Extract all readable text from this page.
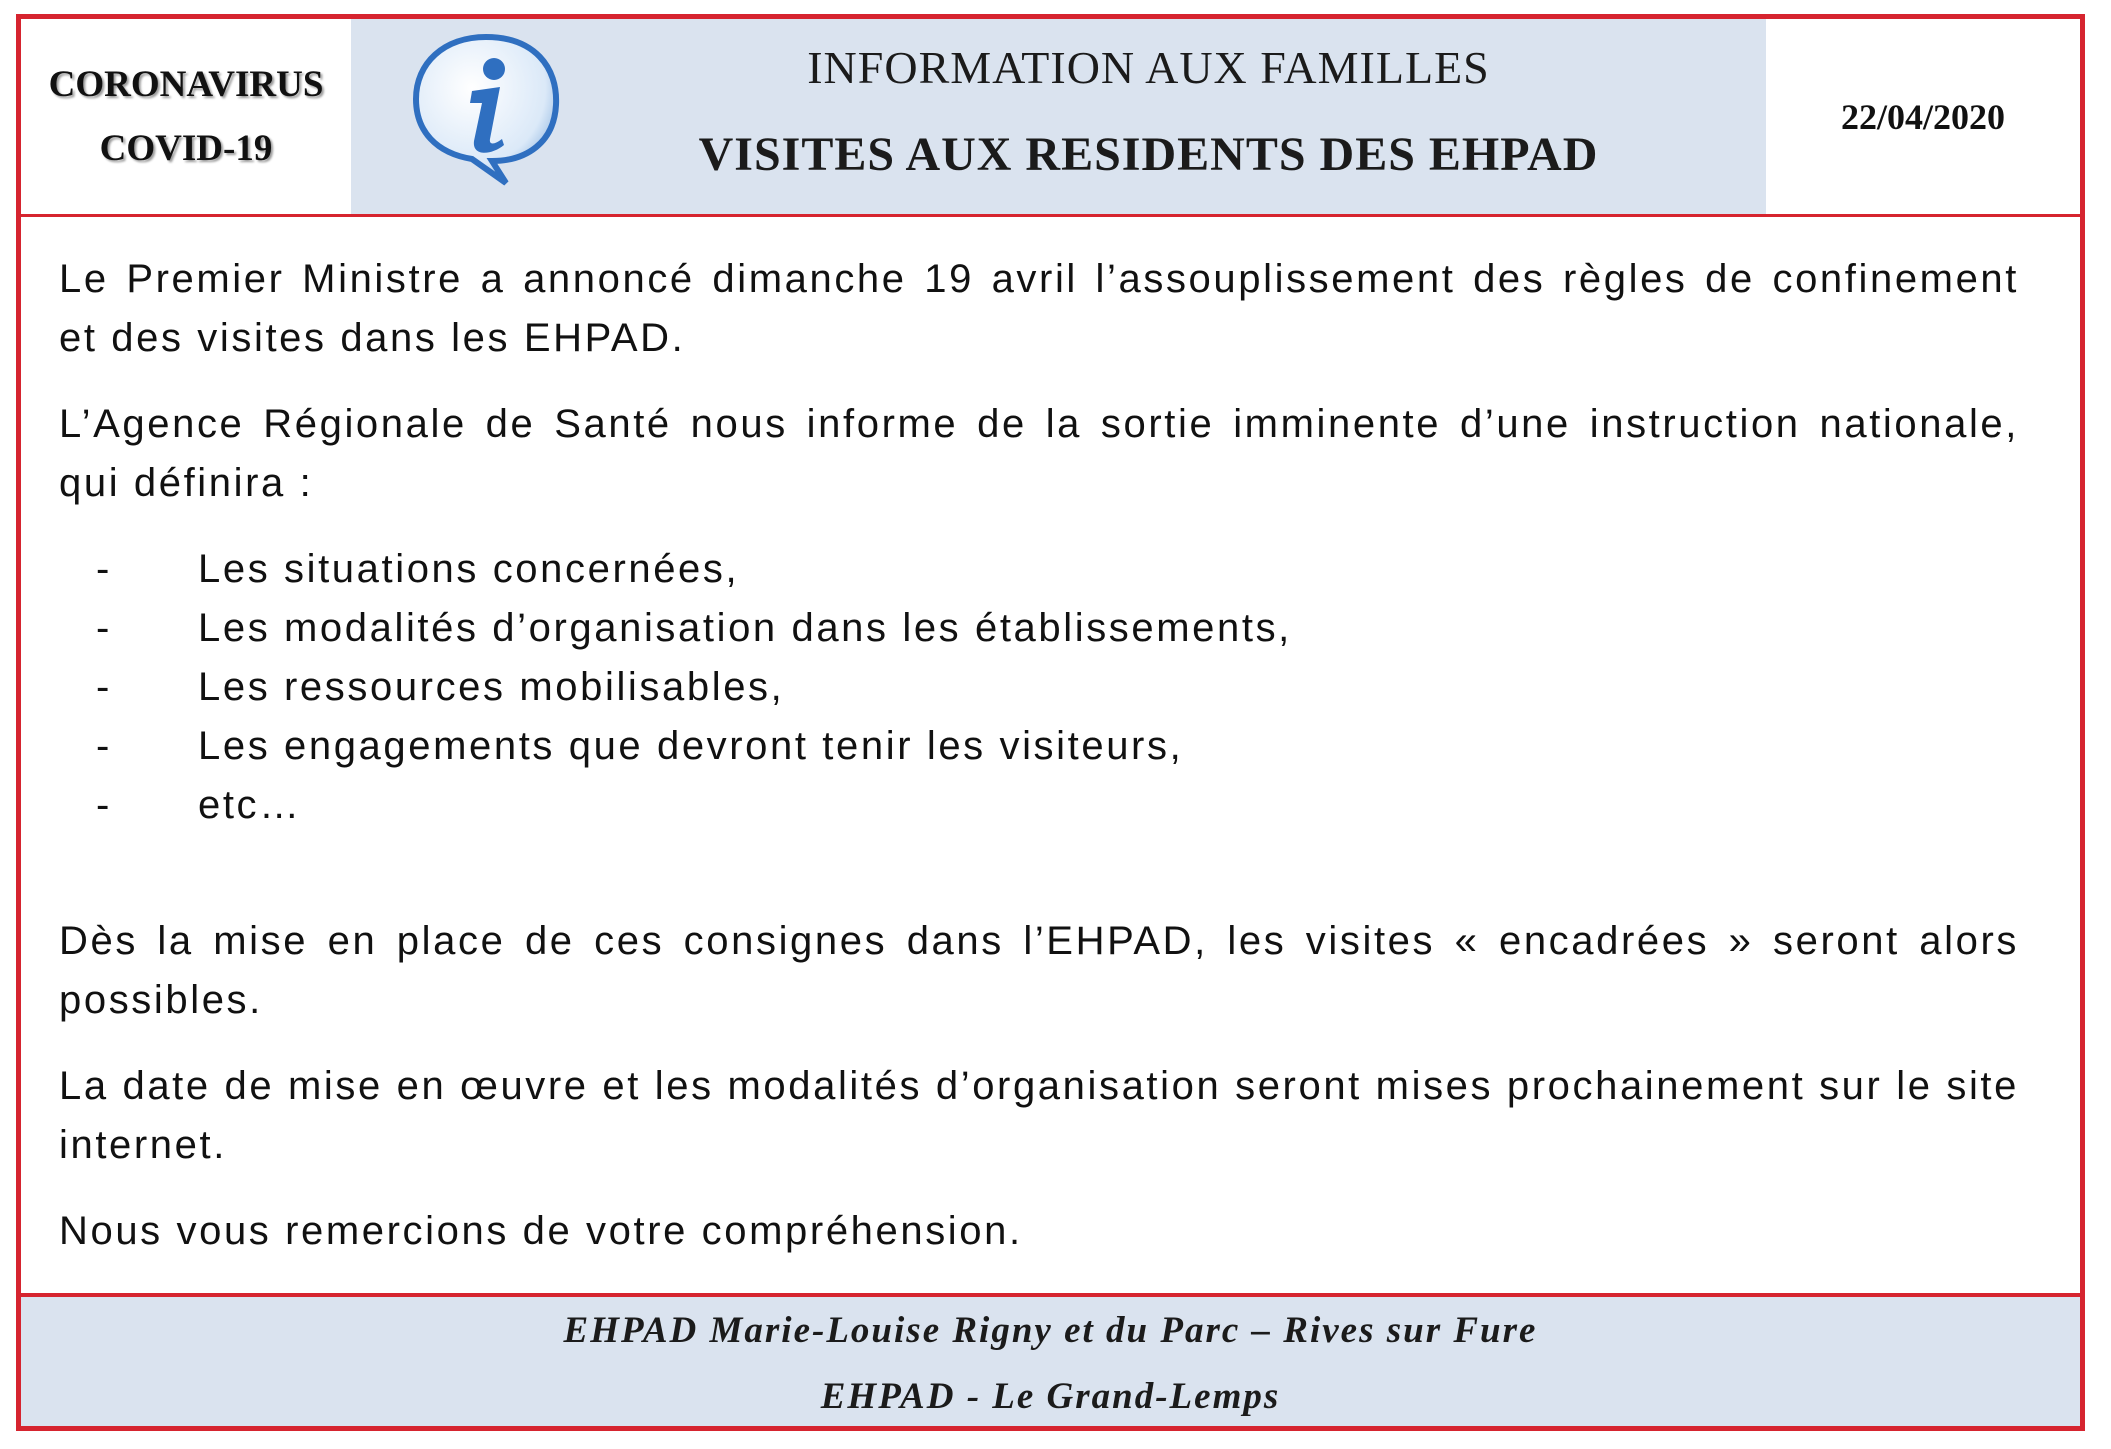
CORONAVIRUS
COVID-19
INFORMATION AUX FAMILLES
VISITES AUX RESIDENTS DES EHPAD
22/04/2020

Le Premier Ministre a annoncé dimanche 19 avril l’assouplissement des règles de confinement et des visites dans les EHPAD.

L’Agence Régionale de Santé nous informe de la sortie imminente d’une instruction nationale, qui définira :

- Les situations concernées,
- Les modalités d’organisation dans les établissements,
- Les ressources mobilisables,
- Les engagements que devront tenir les visiteurs,
- etc…

Dès la mise en place de ces consignes dans l’EHPAD, les visites « encadrées » seront alors possibles.

La date de mise en œuvre et les modalités d’organisation seront mises prochainement sur le site internet.

Nous vous remercions de votre compréhension.

EHPAD Marie-Louise Rigny et du Parc – Rives sur Fure
EHPAD - Le Grand-Lemps
